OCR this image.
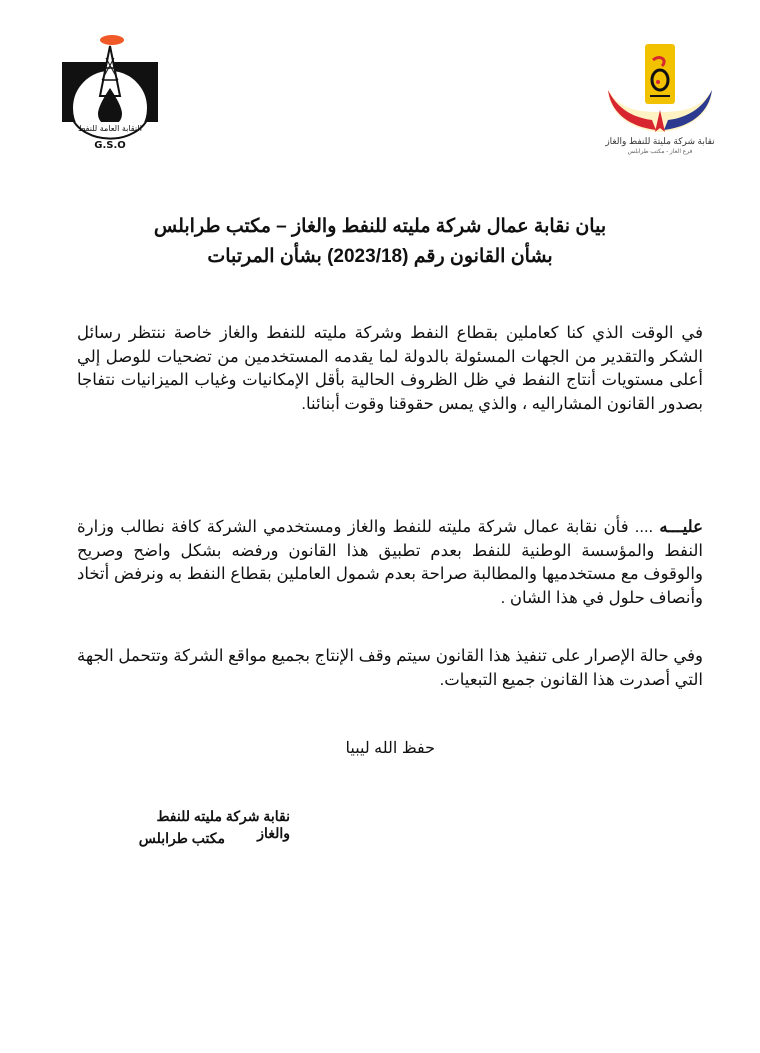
النقابة العامة للنفط
G.S.O	نقابة شركة مليتة للنفط والغاز
فرع الغاز - مكتب طرابلس
بيان نقابة عمال شركة مليته للنفط والغاز – مكتب طرابلس
بشأن القانون رقم (2023/18) بشأن المرتبات
في الوقت الذي كنا كعاملين بقطاع النفط وشركة مليته للنفط والغاز خاصة ننتظر رسائل الشكر والتقدير من الجهات المسئولة بالدولة لما يقدمه المستخدمين من تضحيات للوصل إلي أعلى مستويات أنتاج النفط في ظل الظروف الحالية بأقل الإمكانيات وغياب الميزانيات نتفاجا بصدور القانون المشاراليه ، والذي يمس حقوقنا وقوت أبنائنا.
عليـــه .... فأن نقابة عمال شركة مليته للنفط والغاز ومستخدمي الشركة كافة نطالب وزارة النفط والمؤسسة الوطنية للنفط بعدم تطبيق هذا القانون ورفضه بشكل واضح وصريح والوقوف مع مستخدميها والمطالبة صراحة بعدم شمول العاملين بقطاع النفط به ونرفض أتخاد وأنصاف حلول في هذا الشان .
وفي حالة الإصرار على تنفيذ هذا القانون سيتم وقف الإنتاج بجميع مواقع الشركة وتتحمل الجهة التي أصدرت هذا القانون جميع التبعيات.
حفظ الله ليبيا
نقابة شركة مليته للنفط والغاز
مكتب طرابلس
